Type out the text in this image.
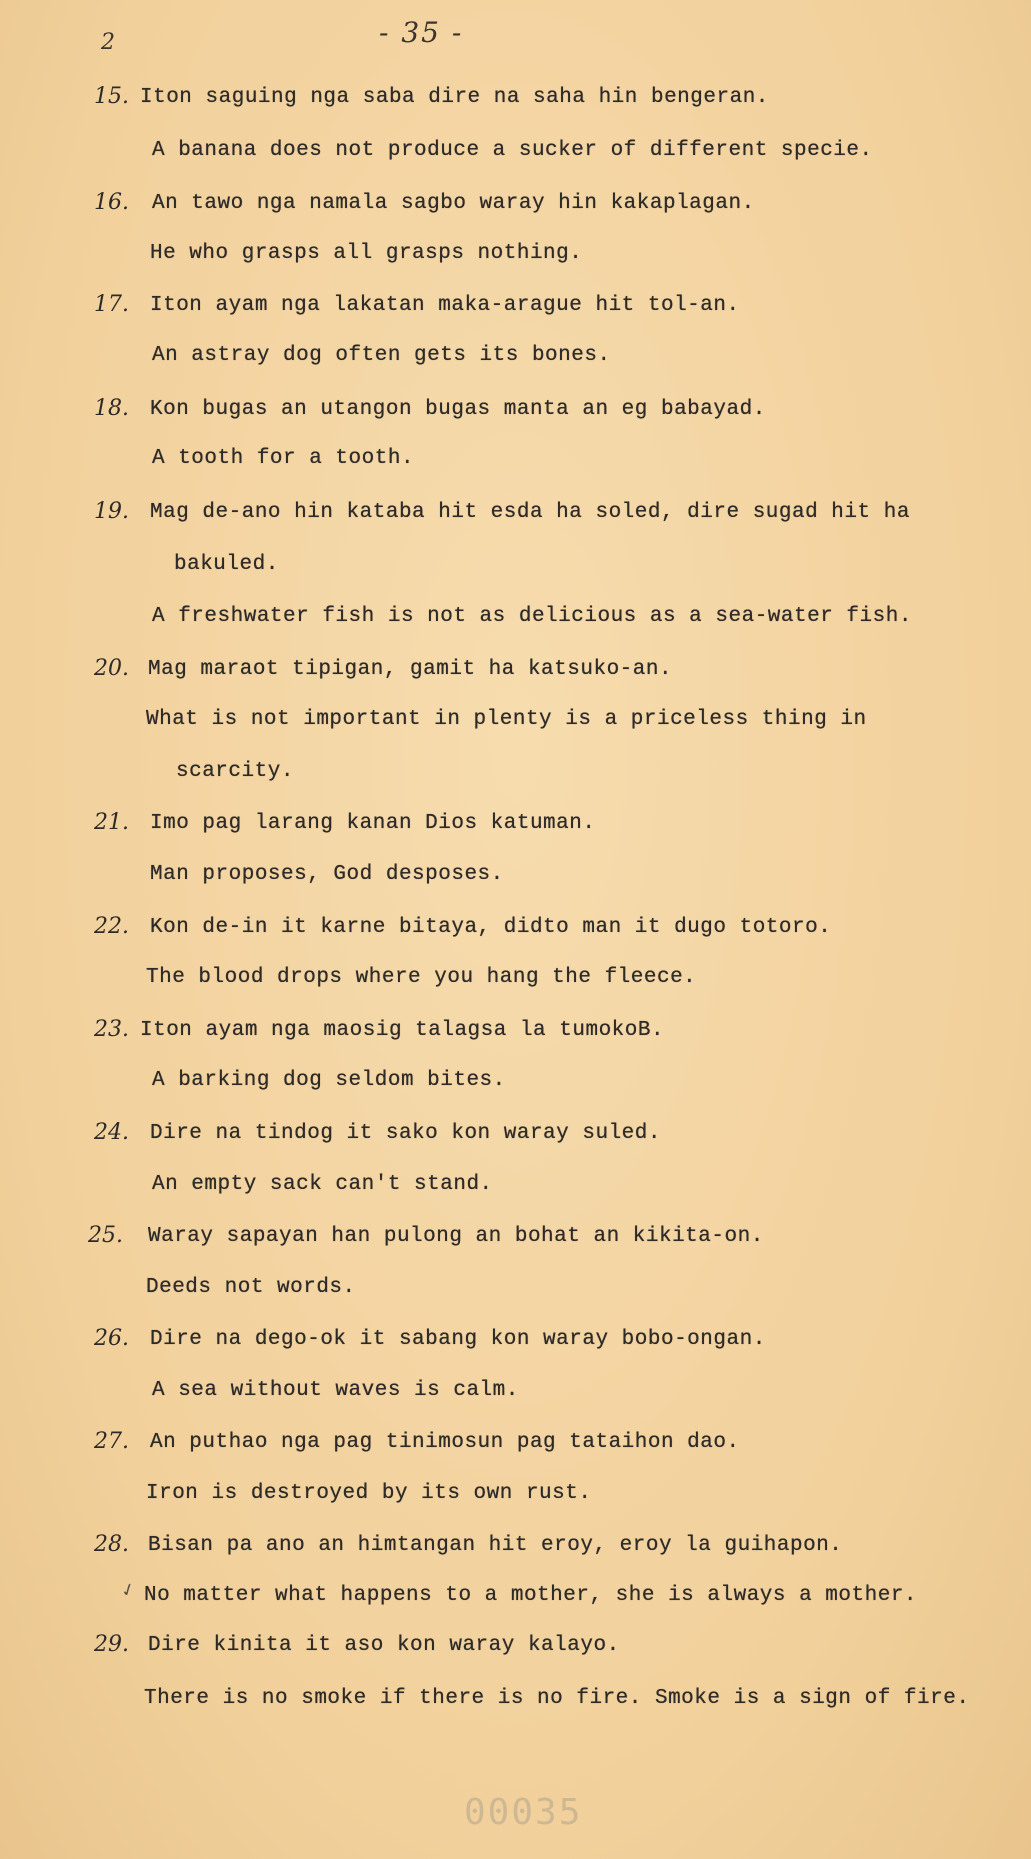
2	- 35 -
15. Iton saguing nga saba dire na saha hin bengeran.
A banana does not produce a sucker of different specie.
16.	An tawo nga namala sagbo waray hin kakaplagan.
He who grasps all grasps nothing.
17.	Iton ayam nga lakatan maka-arague hit tol-an.
An astray dog often gets its bones.
18.	Kon bugas an utangon bugas manta an eg babayad.
A tooth for a tooth.
19.	Mag de-ano hin kataba hit esda ha soled, dire sugad hit ha
bakuled.
A freshwater fish is not as delicious as a sea-water fish.
20. Mag maraot tipigan, gamit ha katsuko-an.
What is not important in plenty is a priceless thing in
scarcity.
21.	Imo pag larang kanan Dios katuman.
Man proposes, God desposes.
22.	Kon de-in it karne bitaya, didto man it dugo totoro.
The blood drops where you hang the fleece.
23. Iton ayam nga maosig talagsa la tumokoB.
A barking dog seldom bites.
24.	Dire na tindog it sako kon waray suled.
An empty sack can't stand.
25.	Waray sapayan han pulong an bohat an kikita-on.
Deeds not words.
26.	Dire na dego-ok it sabang kon waray bobo-ongan.
A sea without waves is calm.
27.	An puthao nga pag tinimosun pag tataihon dao.
Iron is destroyed by its own rust.
28. Bisan pa ano an himtangan hit eroy, eroy la guihapon.
✓ No matter what happens to a mother, she is always a mother.
29. Dire kinita it aso kon waray kalayo.
There is no smoke if there is no fire. Smoke is a sign of fire.
00035
